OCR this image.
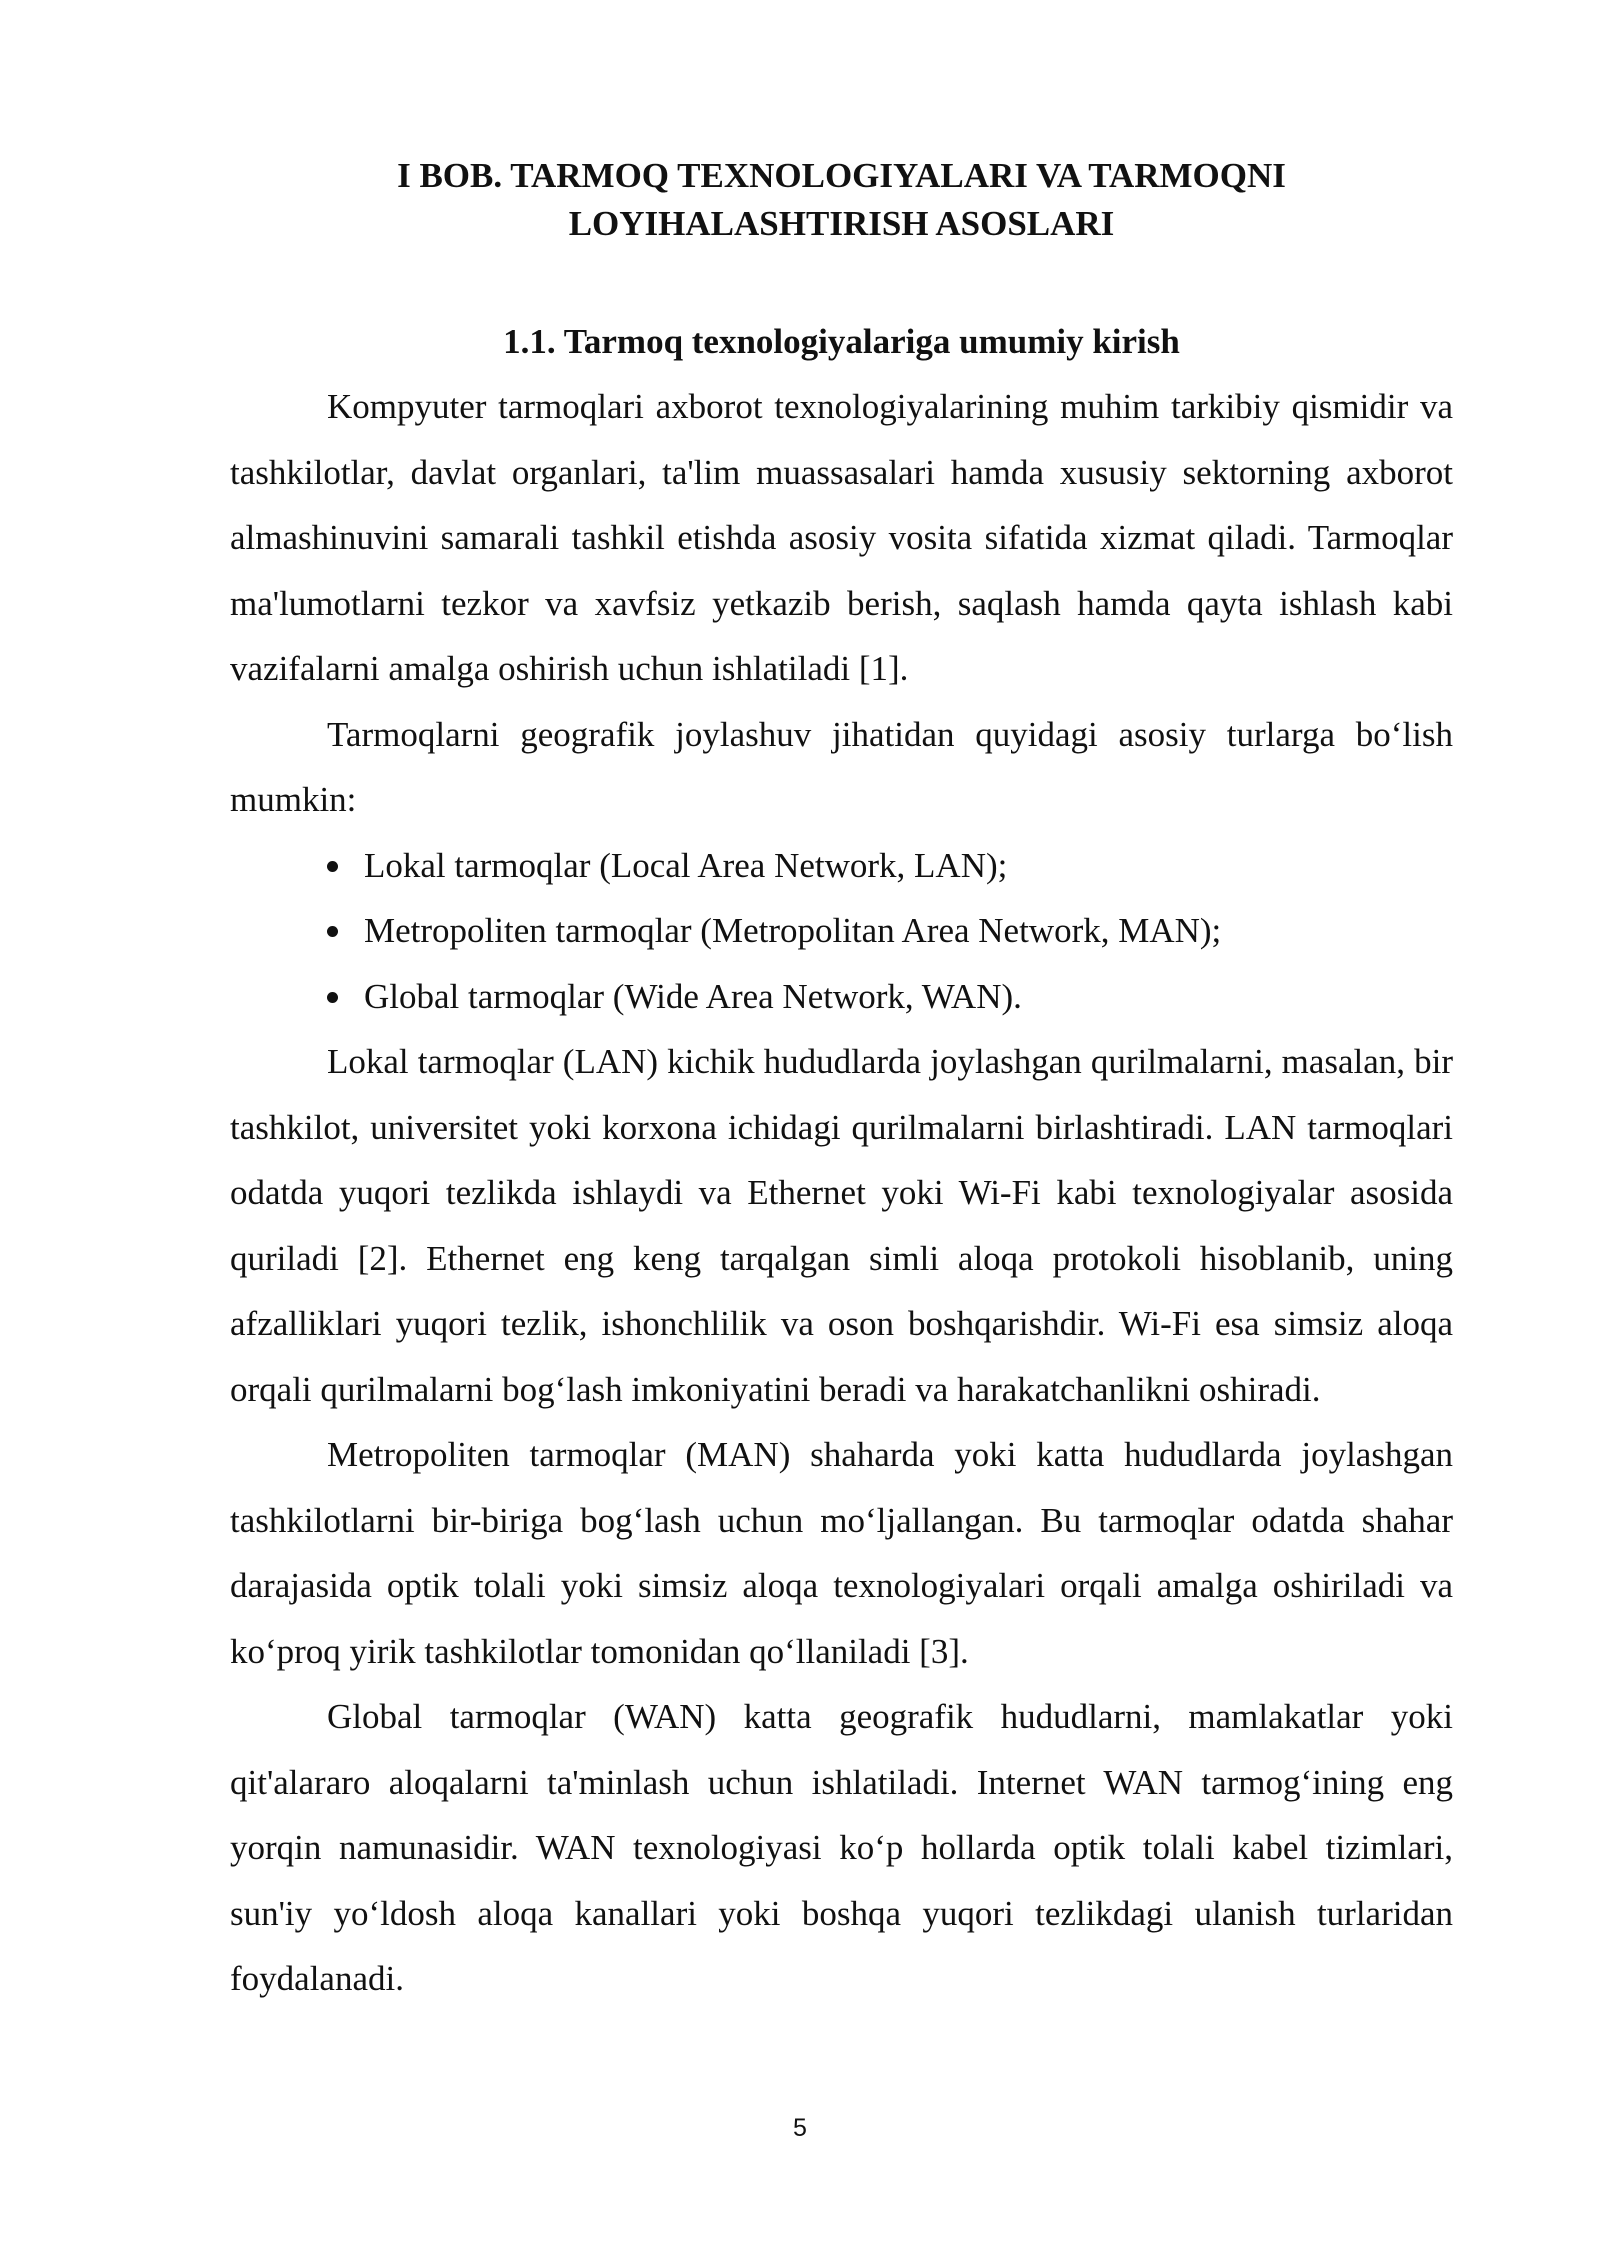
I BOB. TARMOQ TEXNOLOGIYALARI VA TARMOQNI
LOYIHALASHTIRISH ASOSLARI
1.1. Tarmoq texnologiyalariga umumiy kirish

Kompyuter tarmoqlari axborot texnologiyalarining muhim tarkibiy qismidir va tashkilotlar, davlat organlari, ta'lim muassasalari hamda xususiy sektorning axborot almashinuvini samarali tashkil etishda asosiy vosita sifatida xizmat qiladi. Tarmoqlar ma'lumotlarni tezkor va xavfsiz yetkazib berish, saqlash hamda qayta ishlash kabi vazifalarni amalga oshirish uchun ishlatiladi [1].

Tarmoqlarni geografik joylashuv jihatidan quyidagi asosiy turlarga bo‘lish mumkin:

Lokal tarmoqlar (Local Area Network, LAN);
Metropoliten tarmoqlar (Metropolitan Area Network, MAN);
Global tarmoqlar (Wide Area Network, WAN).

Lokal tarmoqlar (LAN) kichik hududlarda joylashgan qurilmalarni, masalan, bir tashkilot, universitet yoki korxona ichidagi qurilmalarni birlashtiradi. LAN tarmoqlari odatda yuqori tezlikda ishlaydi va Ethernet yoki Wi-Fi kabi texnologiyalar asosida quriladi [2]. Ethernet eng keng tarqalgan simli aloqa protokoli hisoblanib, uning afzalliklari yuqori tezlik, ishonchlilik va oson boshqarishdir. Wi-Fi esa simsiz aloqa orqali qurilmalarni bog‘lash imkoniyatini beradi va harakatchanlikni oshiradi.

Metropoliten tarmoqlar (MAN) shaharda yoki katta hududlarda joylashgan tashkilotlarni bir-biriga bog‘lash uchun mo‘ljallangan. Bu tarmoqlar odatda shahar darajasida optik tolali yoki simsiz aloqa texnologiyalari orqali amalga oshiriladi va ko‘proq yirik tashkilotlar tomonidan qo‘llaniladi [3].

Global tarmoqlar (WAN) katta geografik hududlarni, mamlakatlar yoki qit'alararo aloqalarni ta'minlash uchun ishlatiladi. Internet WAN tarmog‘ining eng yorqin namunasidir. WAN texnologiyasi ko‘p hollarda optik tolali kabel tizimlari, sun'iy yo‘ldosh aloqa kanallari yoki boshqa yuqori tezlikdagi ulanish turlaridan foydalanadi.

5
